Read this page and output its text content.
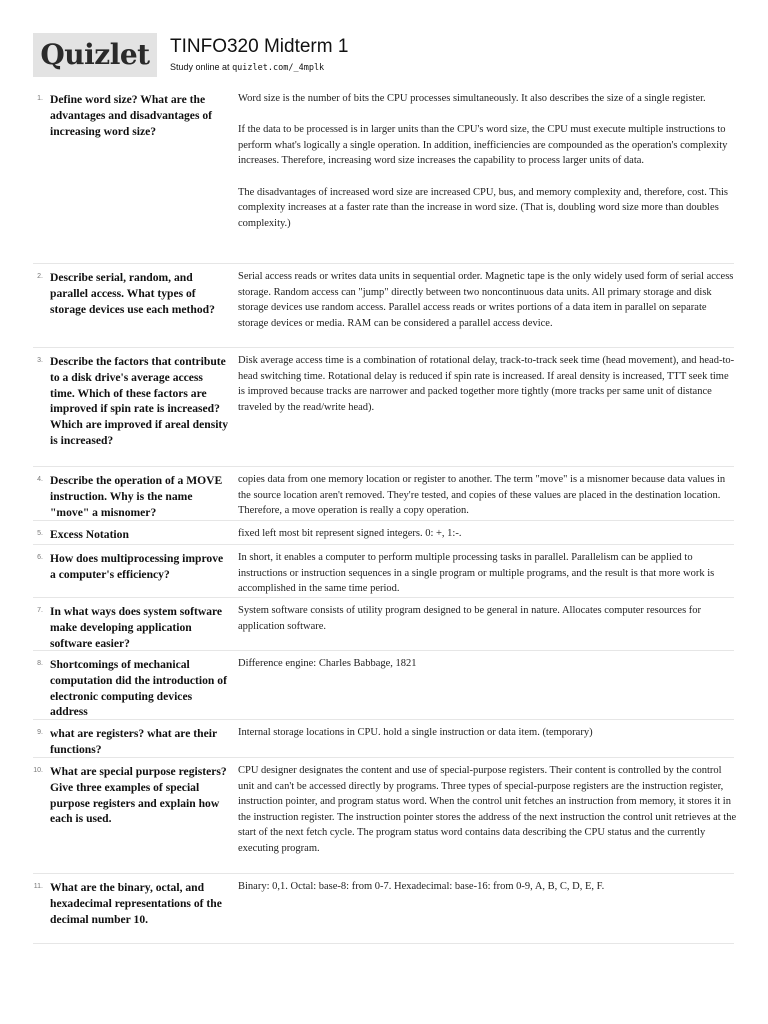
Quizlet	TINFO320 Midterm 1
Study online at quizlet.com/_4mplk
1. Define word size? What are the advantages and disadvantages of increasing word size?

Word size is the number of bits the CPU processes simultaneously. It also describes the size of a single register.

If the data to be processed is in larger units than the CPU's word size, the CPU must execute multiple instructions to perform what's logically a single operation. In addition, inefficiencies are compounded as the operation's complexity increases. Therefore, increasing word size increases the capability to process larger units of data.

The disadvantages of increased word size are increased CPU, bus, and memory complexity and, therefore, cost. This complexity increases at a faster rate than the increase in word size. (That is, doubling word size more than doubles complexity.)

2. Describe serial, random, and parallel access. What types of storage devices use each method?

Serial access reads or writes data units in sequential order. Magnetic tape is the only widely used form of serial access storage. Random access can "jump" directly between two noncontinuous data units. All primary storage and disk storage devices use random access. Parallel access reads or writes portions of a data item in parallel on separate storage devices or media. RAM can be considered a parallel access device.

3. Describe the factors that contribute to a disk drive's average access time. Which of these factors are improved if spin rate is increased? Which are improved if areal density is increased?

Disk average access time is a combination of rotational delay, track-to-track seek time (head movement), and head-to-head switching time. Rotational delay is reduced if spin rate is increased. If areal density is increased, TTT seek time is improved because tracks are narrower and packed together more tightly (more tracks per same unit of distance traveled by the read/write head).

4. Describe the operation of a MOVE instruction. Why is the name "move" a misnomer?

copies data from one memory location or register to another. The term "move" is a misnomer because data values in the source location aren't removed. They're tested, and copies of these values are placed in the destination location. Therefore, a move operation is really a copy operation.

5. Excess Notation	fixed left most bit represent signed integers. 0: +, 1:-.

6. How does multiprocessing improve a computer's efficiency?

In short, it enables a computer to perform multiple processing tasks in parallel. Parallelism can be applied to instructions or instruction sequences in a single program or multiple programs, and the result is that more work is accomplished in the same time period.

7. In what ways does system software make developing application software easier?

System software consists of utility program designed to be general in nature. Allocates computer resources for application software.

8. Shortcomings of mechanical computation did the introduction of electronic computing devices address

Difference engine: Charles Babbage, 1821

9. what are registers? what are their functions?

Internal storage locations in CPU. hold a single instruction or data item. (temporary)

10. What are special purpose registers? Give three examples of special purpose registers and explain how each is used.

CPU designer designates the content and use of special-purpose registers. Their content is controlled by the control unit and can't be accessed directly by programs. Three types of special-purpose registers are the instruction register, instruction pointer, and program status word. When the control unit fetches an instruction from memory, it stores it in the instruction register. The instruction pointer stores the address of the next instruction the control unit retrieves at the start of the next fetch cycle. The program status word contains data describing the CPU status and the currently executing program.

11. What are the binary, octal, and hexadecimal representations of the decimal number 10.

Binary: 0,1. Octal: base-8: from 0-7. Hexadecimal: base-16: from 0-9, A, B, C, D, E, F.
